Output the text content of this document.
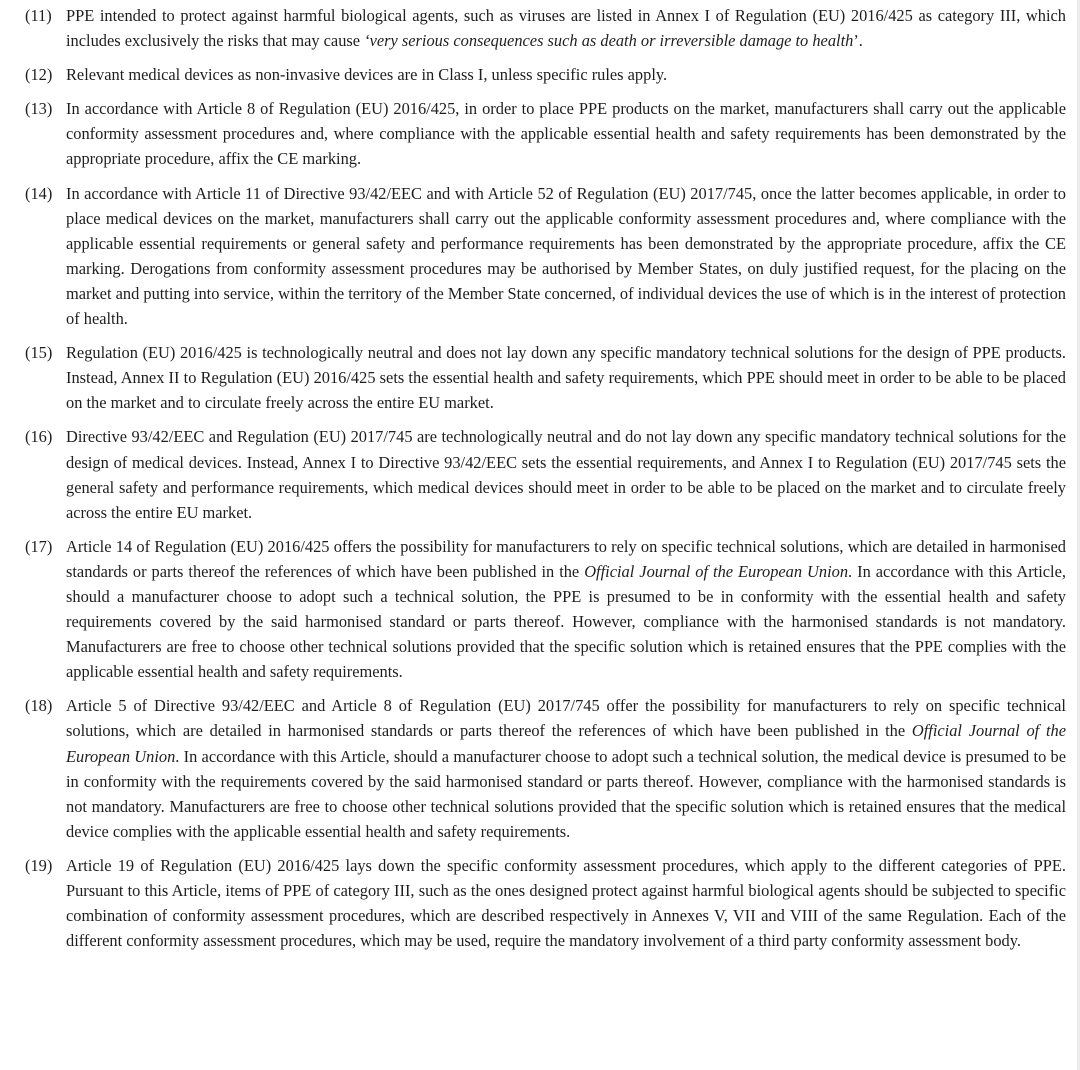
(11) PPE intended to protect against harmful biological agents, such as viruses are listed in Annex I of Regulation (EU) 2016/425 as category III, which includes exclusively the risks that may cause ‘very serious consequences such as death or irreversible damage to health’.
(12) Relevant medical devices as non-invasive devices are in Class I, unless specific rules apply.
(13) In accordance with Article 8 of Regulation (EU) 2016/425, in order to place PPE products on the market, manufacturers shall carry out the applicable conformity assessment procedures and, where compliance with the applicable essential health and safety requirements has been demonstrated by the appropriate procedure, affix the CE marking.
(14) In accordance with Article 11 of Directive 93/42/EEC and with Article 52 of Regulation (EU) 2017/745, once the latter becomes applicable, in order to place medical devices on the market, manufacturers shall carry out the applicable conformity assessment procedures and, where compliance with the applicable essential requirements or general safety and performance requirements has been demonstrated by the appropriate procedure, affix the CE marking. Derogations from conformity assessment procedures may be authorised by Member States, on duly justified request, for the placing on the market and putting into service, within the territory of the Member State concerned, of individual devices the use of which is in the interest of protection of health.
(15) Regulation (EU) 2016/425 is technologically neutral and does not lay down any specific mandatory technical solutions for the design of PPE products. Instead, Annex II to Regulation (EU) 2016/425 sets the essential health and safety requirements, which PPE should meet in order to be able to be placed on the market and to circulate freely across the entire EU market.
(16) Directive 93/42/EEC and Regulation (EU) 2017/745 are technologically neutral and do not lay down any specific mandatory technical solutions for the design of medical devices. Instead, Annex I to Directive 93/42/EEC sets the essential requirements, and Annex I to Regulation (EU) 2017/745 sets the general safety and performance requirements, which medical devices should meet in order to be able to be placed on the market and to circulate freely across the entire EU market.
(17) Article 14 of Regulation (EU) 2016/425 offers the possibility for manufacturers to rely on specific technical solutions, which are detailed in harmonised standards or parts thereof the references of which have been published in the Official Journal of the European Union. In accordance with this Article, should a manufacturer choose to adopt such a technical solution, the PPE is presumed to be in conformity with the essential health and safety requirements covered by the said harmonised standard or parts thereof. However, compliance with the harmonised standards is not mandatory. Manufacturers are free to choose other technical solutions provided that the specific solution which is retained ensures that the PPE complies with the applicable essential health and safety requirements.
(18) Article 5 of Directive 93/42/EEC and Article 8 of Regulation (EU) 2017/745 offer the possibility for manufacturers to rely on specific technical solutions, which are detailed in harmonised standards or parts thereof the references of which have been published in the Official Journal of the European Union. In accordance with this Article, should a manufacturer choose to adopt such a technical solution, the medical device is presumed to be in conformity with the requirements covered by the said harmonised standard or parts thereof. However, compliance with the harmonised standards is not mandatory. Manufacturers are free to choose other technical solutions provided that the specific solution which is retained ensures that the medical device complies with the applicable essential health and safety requirements.
(19) Article 19 of Regulation (EU) 2016/425 lays down the specific conformity assessment procedures, which apply to the different categories of PPE. Pursuant to this Article, items of PPE of category III, such as the ones designed protect against harmful biological agents should be subjected to specific combination of conformity assessment procedures, which are described respectively in Annexes V, VII and VIII of the same Regulation. Each of the different conformity assessment procedures, which may be used, require the mandatory involvement of a third party conformity assessment body.
